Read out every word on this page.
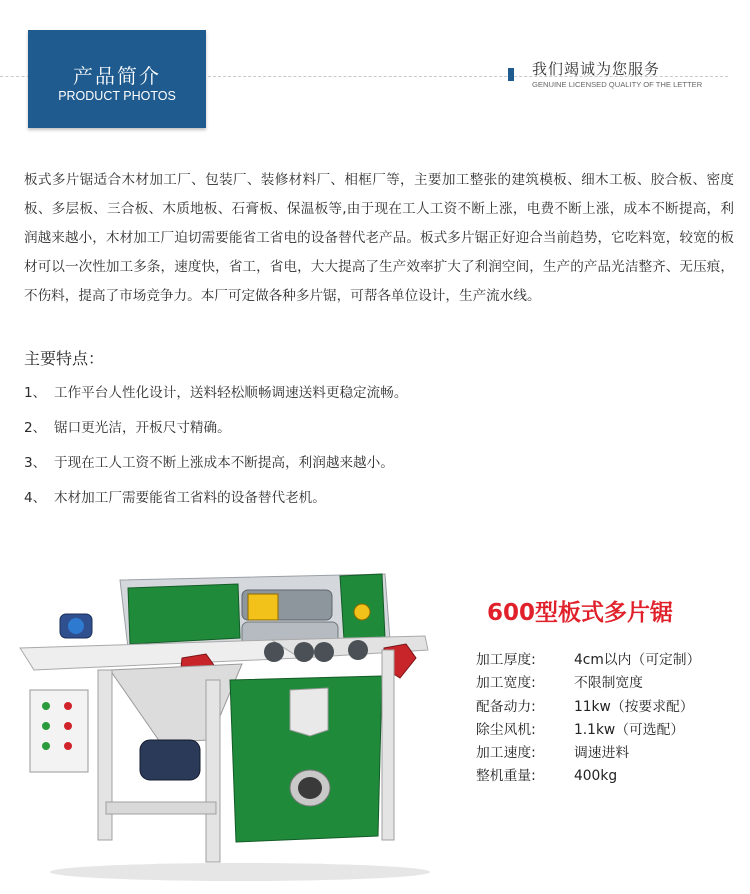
产品简介
PRODUCT PHOTOS
我们竭诚为您服务
GENUINE LICENSED QUALITY OF THE LETTER
板式多片锯适合木材加工厂、包装厂、装修材料厂、相框厂等，主要加工整张的建筑模板、细木工板、胶合板、密度板、多层板、三合板、木质地板、石膏板、保温板等,由于现在工人工资不断上涨，电费不断上涨，成本不断提高，利润越来越小，木材加工厂迫切需要能省工省电的设备替代老产品。板式多片锯正好迎合当前趋势，它吃料宽，较宽的板材可以一次性加工多条，速度快，省工，省电，大大提高了生产效率扩大了利润空间，生产的产品光洁整齐、无压痕，不伤料，提高了市场竞争力。本厂可定做各种多片锯，可帮各单位设计，生产流水线。
主要特点：
1、 工作平台人性化设计，送料轻松顺畅调速送料更稳定流畅。
2、 锯口更光洁，开板尺寸精确。
3、 于现在工人工资不断上涨成本不断提高，利润越来越小。
4、 木材加工厂需要能省工省料的设备替代老机。
600型板式多片锯
加工厚度:	4cm以内（可定制）
加工宽度:	不限制宽度
配备动力:	11kw（按要求配）
除尘风机:	1.1kw（可选配）
加工速度:	调速进料
整机重量:	400kg
